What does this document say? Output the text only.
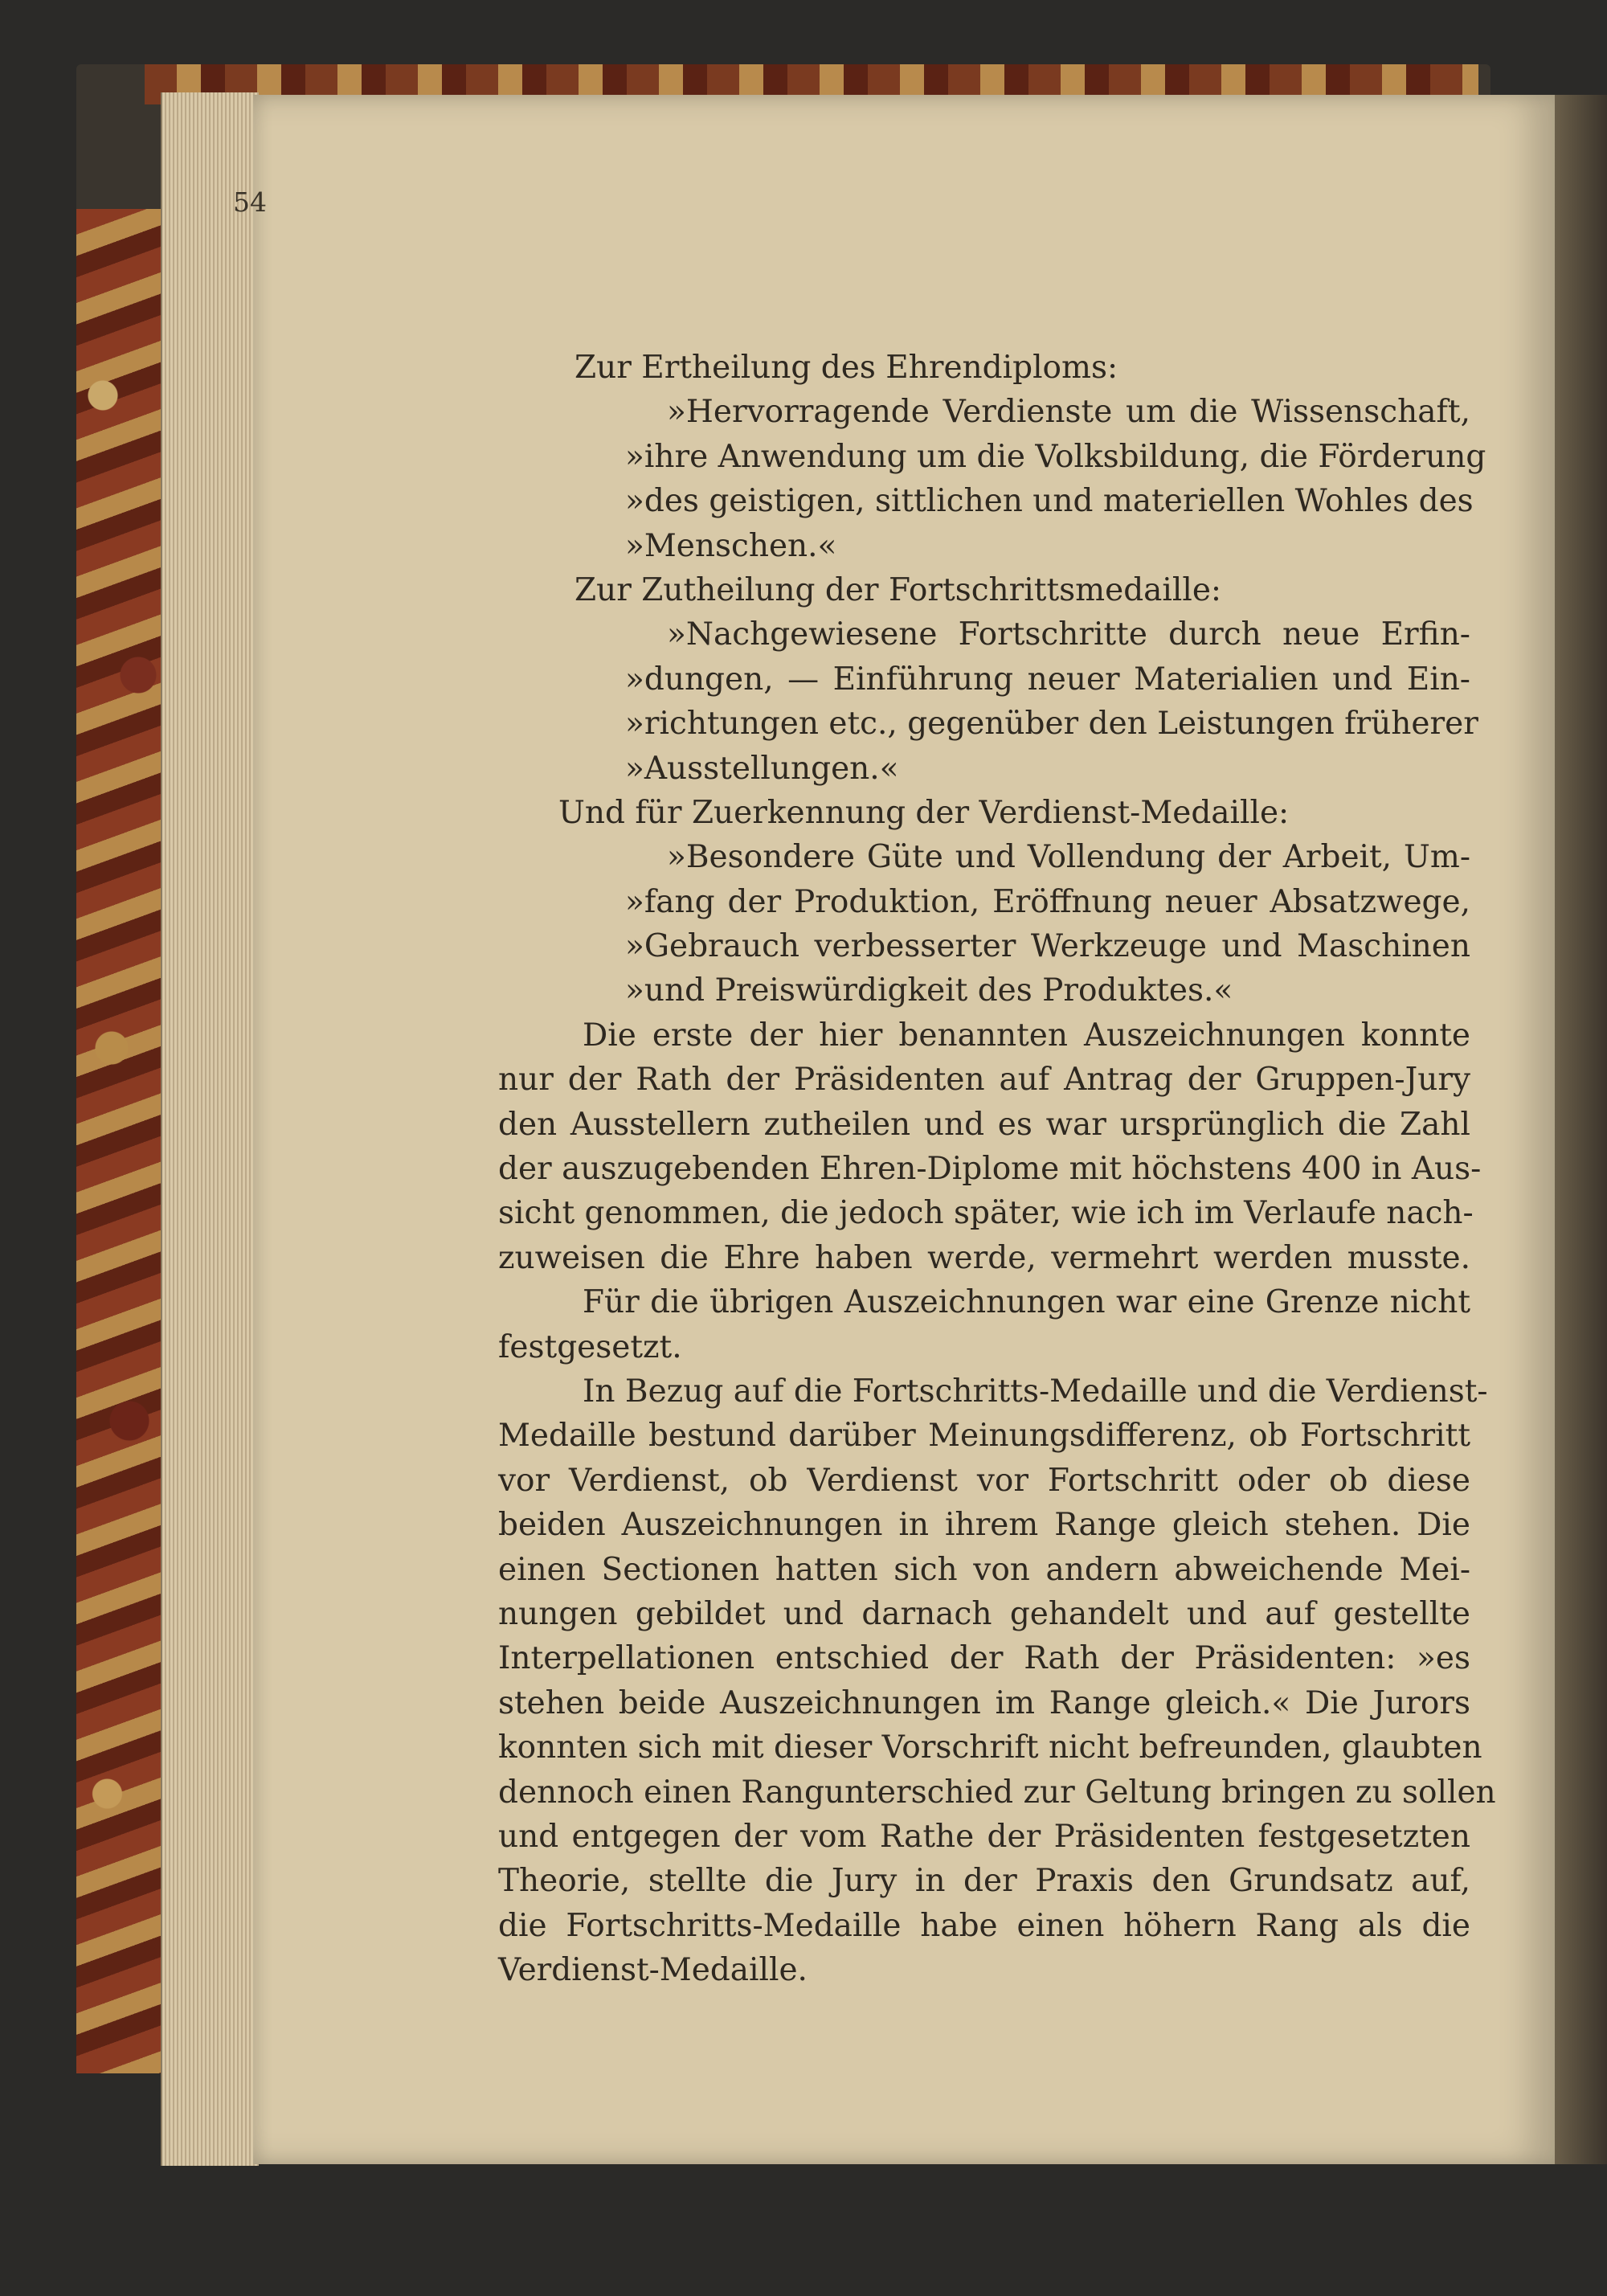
54
Zur Ertheilung des Ehrendiploms:
»Hervorragende Verdienste um die Wissenschaft,
»ihre Anwendung um die Volksbildung, die Förderung
»des geistigen, sittlichen und materiellen Wohles des
»Menschen.«
Zur Zutheilung der Fortschrittsmedaille:
»Nachgewiesene Fortschritte durch neue Erfin-
»dungen, — Einführung neuer Materialien und Ein-
»richtungen etc., gegenüber den Leistungen früherer
»Ausstellungen.«
Und für Zuerkennung der Verdienst-Medaille:
»Besondere Güte und Vollendung der Arbeit, Um-
»fang der Produktion, Eröffnung neuer Absatzwege,
»Gebrauch verbesserter Werkzeuge und Maschinen
»und Preiswürdigkeit des Produktes.«
Die erste der hier benannten Auszeichnungen konnte
nur der Rath der Präsidenten auf Antrag der Gruppen-Jury
den Ausstellern zutheilen und es war ursprünglich die Zahl
der auszugebenden Ehren-Diplome mit höchstens 400 in Aus-
sicht genommen, die jedoch später, wie ich im Verlaufe nach-
zuweisen die Ehre haben werde, vermehrt werden musste.
Für die übrigen Auszeichnungen war eine Grenze nicht
festgesetzt.
In Bezug auf die Fortschritts-Medaille und die Verdienst-
Medaille bestund darüber Meinungsdifferenz, ob Fortschritt
vor Verdienst, ob Verdienst vor Fortschritt oder ob diese
beiden Auszeichnungen in ihrem Range gleich stehen. Die
einen Sectionen hatten sich von andern abweichende Mei-
nungen gebildet und darnach gehandelt und auf gestellte
Interpellationen entschied der Rath der Präsidenten: »es
stehen beide Auszeichnungen im Range gleich.« Die Jurors
konnten sich mit dieser Vorschrift nicht befreunden, glaubten
dennoch einen Rangunterschied zur Geltung bringen zu sollen
und entgegen der vom Rathe der Präsidenten festgesetzten
Theorie, stellte die Jury in der Praxis den Grundsatz auf,
die Fortschritts-Medaille habe einen höhern Rang als die
Verdienst-Medaille.
